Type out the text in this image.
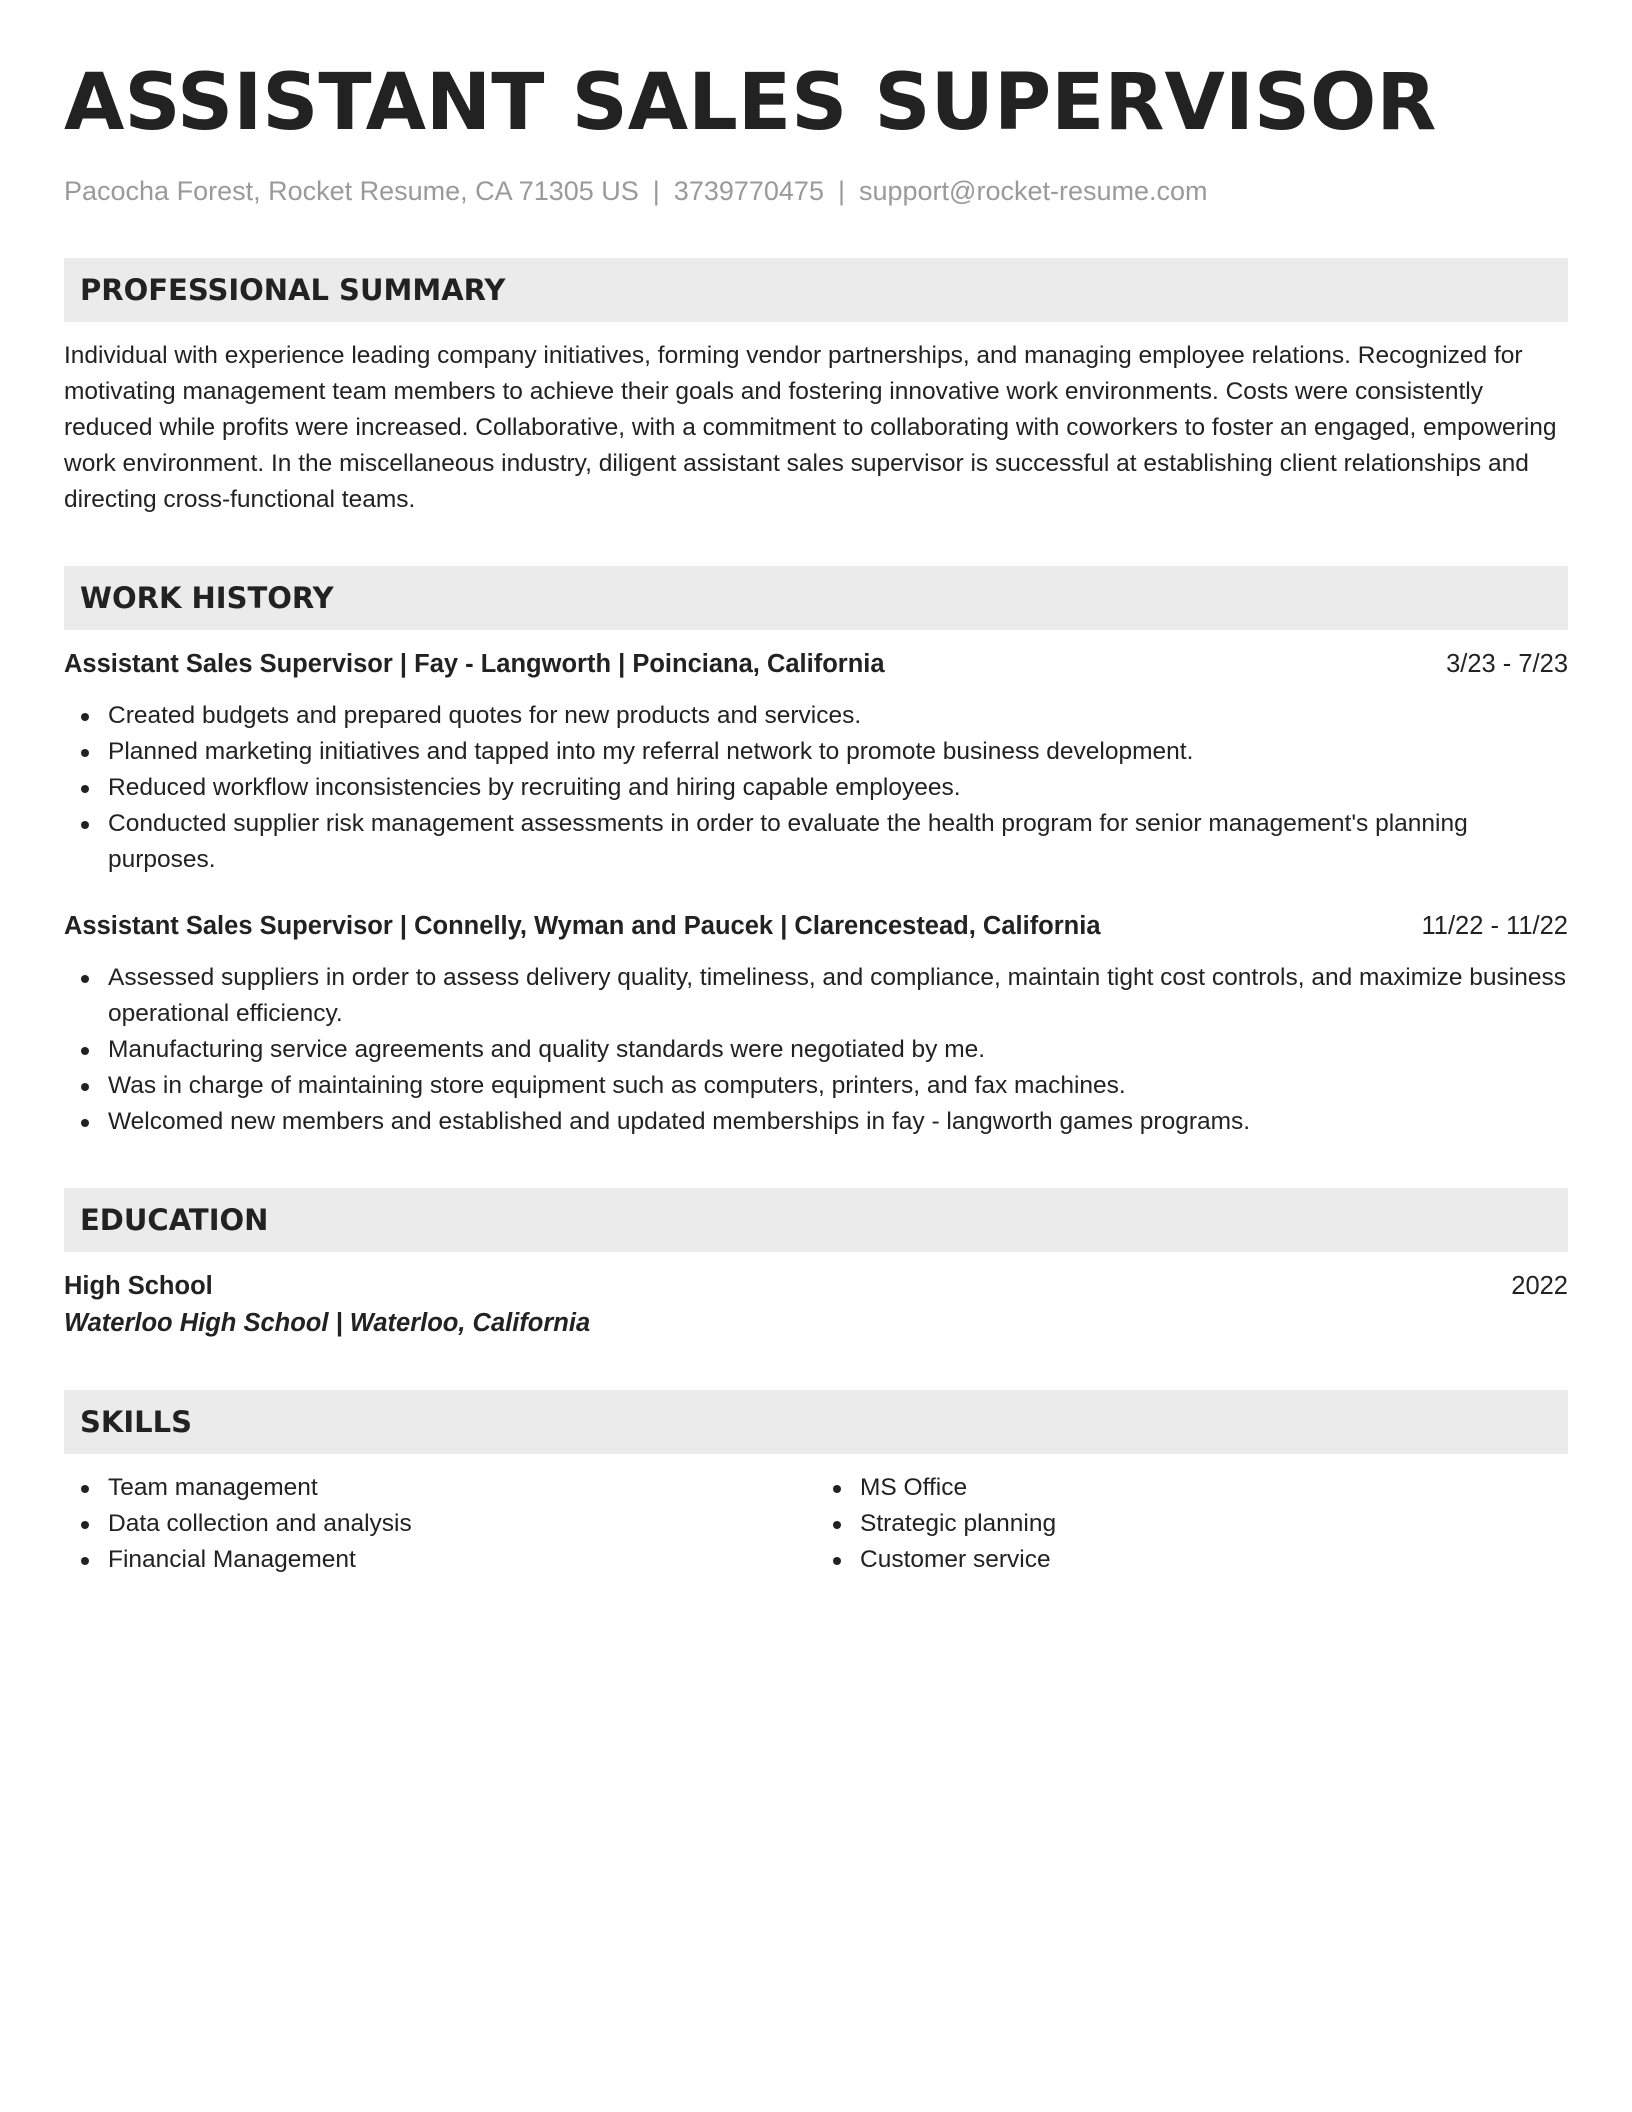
ASSISTANT SALES SUPERVISOR
Pacocha Forest, Rocket Resume, CA 71305 US | 3739770475 | support@rocket-resume.com
PROFESSIONAL SUMMARY
Individual with experience leading company initiatives, forming vendor partnerships, and managing employee relations. Recognized for motivating management team members to achieve their goals and fostering innovative work environments. Costs were consistently reduced while profits were increased. Collaborative, with a commitment to collaborating with coworkers to foster an engaged, empowering work environment. In the miscellaneous industry, diligent assistant sales supervisor is successful at establishing client relationships and directing cross-functional teams.
WORK HISTORY
Assistant Sales Supervisor | Fay - Langworth | Poinciana, California	3/23 - 7/23
Created budgets and prepared quotes for new products and services.
Planned marketing initiatives and tapped into my referral network to promote business development.
Reduced workflow inconsistencies by recruiting and hiring capable employees.
Conducted supplier risk management assessments in order to evaluate the health program for senior management's planning purposes.
Assistant Sales Supervisor | Connelly, Wyman and Paucek | Clarencestead, California	11/22 - 11/22
Assessed suppliers in order to assess delivery quality, timeliness, and compliance, maintain tight cost controls, and maximize business operational efficiency.
Manufacturing service agreements and quality standards were negotiated by me.
Was in charge of maintaining store equipment such as computers, printers, and fax machines.
Welcomed new members and established and updated memberships in fay - langworth games programs.
EDUCATION
High School	2022
Waterloo High School | Waterloo, California
SKILLS
Team management
Data collection and analysis
Financial Management
MS Office
Strategic planning
Customer service
